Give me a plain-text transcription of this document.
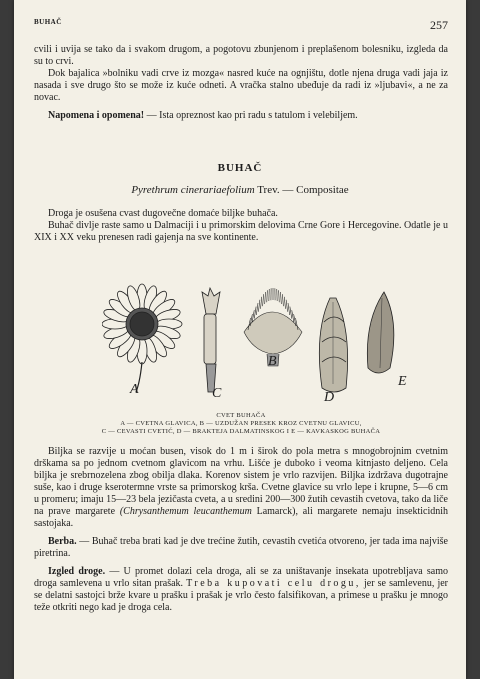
BUHAČ	257
cvili i uvija se tako da i svakom drugom, a pogotovu zbunjenom i preplašenom bolesniku, izgleda da su to crvi.
Dok bajalica »bolniku vadi crve iz mozga« nasred kuće na ognjištu, dotle njena druga vadi jaja iz nasada i sve drugo što se može iz kuće odneti. A vračka stalno ubeđuje da radi iz »ljubavi«, a ne za novac.
Napomena i opomena! — Ista opreznost kao pri radu s tatulom i velebiljem.
BUHAČ
Pyrethrum cinerariaefolium Trev. — Compositae
Droga je osušena cvast dugovečne domaće biljke buhača.
Buhač divlje raste samo u Dalmaciji i u primorskim delovima Crne Gore i Hercegovine. Odatle je u XIX i XX veku prenesen radi gajenja na sve kontinente.
A
B
C	D
E
CVET BUHAČA
A — CVETNA GLAVICA, B — UZDUŽAN PRESEK KROZ CVETNU GLAVICU,
C — CEVASTI CVETIĆ, D — BRAKTEJA DALMATINSKOG I E — KAVKASKOG BUHAČA
Biljka se razvije u moćan busen, visok do 1 m i širok do pola metra s mnogobrojnim cvetnim drškama sa po jednom cvetnom glavicom na vrhu. Lišće je duboko i veoma kitnjasto deljeno. Cela biljka je srebrnozelena zbog obilja dlaka. Korenov sistem je vrlo razvijen. Biljka izdržava dugotrajne suše, kao i druge kserotermne vrste sa primorskog krša. Cvetne glavice su vrlo lepe i krupne, 5—6 cm u promeru; imaju 15—23 bela jezičasta cveta, a u sredini 200—300 žutih cevastih cvetova, tako da liče na prave margarete (Chrysanthemum leucanthemum Lamarck), ali margarete nemaju insekticidnih sastojaka.
Berba. — Buhač treba brati kad je dve trećine žutih, cevastih cvetića otvoreno, jer tada ima najviše piretrina.
Izgled droge. — U promet dolazi cela droga, ali se za uništavanje insekata upotrebljava samo droga samlevena u vrlo sitan prašak. Treba kupovati celu drogu, jer se samlevenu, jer se delatni sastojci brže kvare u prašku i prašak je vrlo često falsifikovan, a primese u prašku je mnogo teže otkriti nego kad je droga cela.
